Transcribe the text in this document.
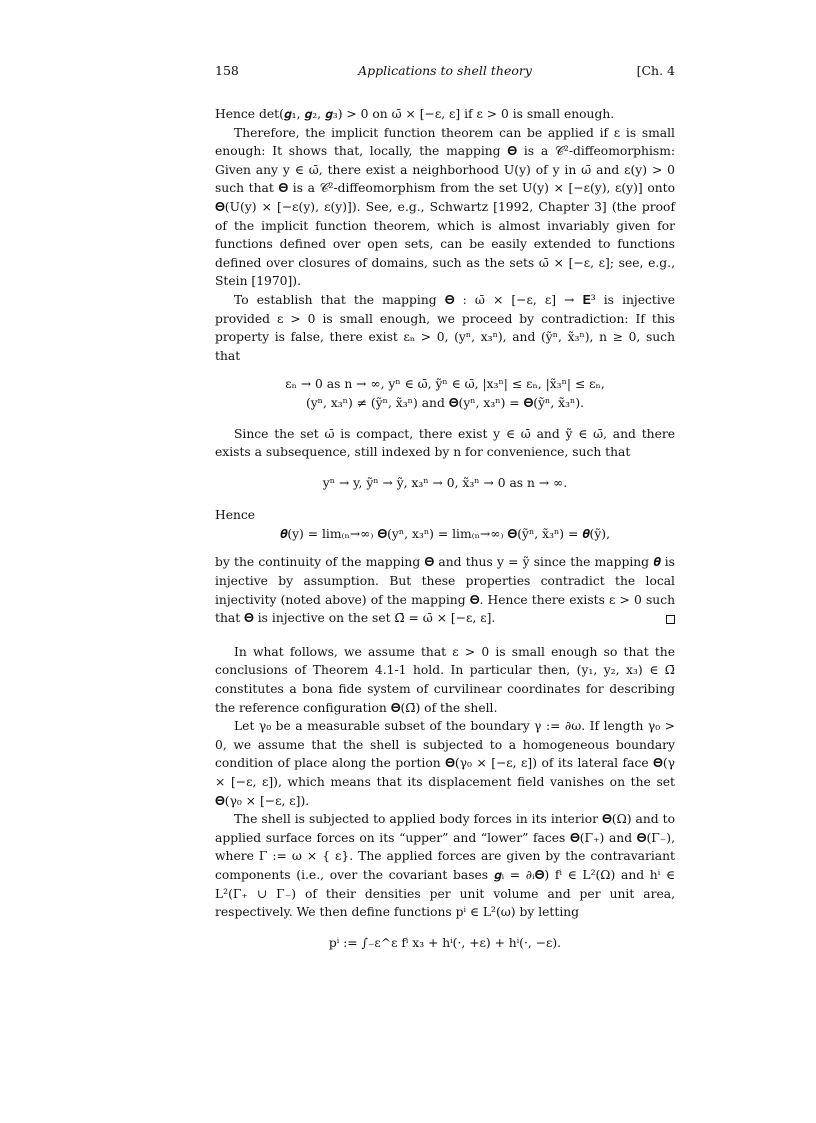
158	Applications to shell theory	[Ch. 4

Hence det(𝒈₁, 𝒈₂, 𝒈₃) > 0 on ω̄ × [−ε, ε] if ε > 0 is small enough.

Therefore, the implicit function theorem can be applied if ε is small enough: It shows that, locally, the mapping 𝚯 is a 𝒞²-diffeomorphism: Given any y ∈ ω̄, there exist a neighborhood U(y) of y in ω̄ and ε(y) > 0 such that 𝚯 is a 𝒞²-diffeomorphism from the set U(y) × [−ε(y), ε(y)] onto 𝚯(U(y) × [−ε(y), ε(y)]). See, e.g., Schwartz [1992, Chapter 3] (the proof of the implicit function theorem, which is almost invariably given for functions defined over open sets, can be easily extended to functions defined over closures of domains, such as the sets ω̄ × [−ε, ε]; see, e.g., Stein [1970]).

To establish that the mapping 𝚯 : ω̄ × [−ε, ε] → 𝐄³ is injective provided ε > 0 is small enough, we proceed by contradiction: If this property is false, there exist εₙ > 0, (yⁿ, x₃ⁿ), and (ỹⁿ, x̃₃ⁿ), n ≥ 0, such that

εₙ → 0 as n → ∞, yⁿ ∈ ω̄, ỹⁿ ∈ ω̄, |x₃ⁿ| ≤ εₙ, |x̃₃ⁿ| ≤ εₙ,

(yⁿ, x₃ⁿ) ≠ (ỹⁿ, x̃₃ⁿ) and 𝚯(yⁿ, x₃ⁿ) = 𝚯(ỹⁿ, x̃₃ⁿ).

Since the set ω̄ is compact, there exist y ∈ ω̄ and ỹ ∈ ω̄, and there exists a subsequence, still indexed by n for convenience, such that

yⁿ → y, ỹⁿ → ỹ, x₃ⁿ → 0, x̃₃ⁿ → 0 as n → ∞.

Hence

𝜽(y) = lim₍ₙ→∞₎ 𝚯(yⁿ, x₃ⁿ) = lim₍ₙ→∞₎ 𝚯(ỹⁿ, x̃₃ⁿ) = 𝜽(ỹ),

by the continuity of the mapping 𝚯 and thus y = ỹ since the mapping 𝜽 is injective by assumption. But these properties contradict the local injectivity (noted above) of the mapping 𝚯. Hence there exists ε > 0 such that 𝚯 is injective on the set Ω̄ = ω̄ × [−ε, ε].

In what follows, we assume that ε > 0 is small enough so that the conclusions of Theorem 4.1-1 hold. In particular then, (y₁, y₂, x₃) ∈ Ω̄ constitutes a bona fide system of curvilinear coordinates for describing the reference configuration 𝚯(Ω̄) of the shell.

Let γ₀ be a measurable subset of the boundary γ := ∂ω. If length γ₀ > 0, we assume that the shell is subjected to a homogeneous boundary condition of place along the portion 𝚯(γ₀ × [−ε, ε]) of its lateral face 𝚯(γ × [−ε, ε]), which means that its displacement field vanishes on the set 𝚯(γ₀ × [−ε, ε]).

The shell is subjected to applied body forces in its interior 𝚯(Ω) and to applied surface forces on its “upper” and “lower” faces 𝚯(Γ₊) and 𝚯(Γ₋), where Γ := ω × { ε}. The applied forces are given by the contravariant components (i.e., over the covariant bases 𝒈ᵢ = ∂ᵢ𝚯) fⁱ ∈ L²(Ω) and hⁱ ∈ L²(Γ₊ ∪ Γ₋) of their densities per unit volume and per unit area, respectively. We then define functions pⁱ ∈ L²(ω) by letting

pⁱ := ∫₋ε^ε fⁱ x₃ + hⁱ(·, +ε) + hⁱ(·, −ε).
